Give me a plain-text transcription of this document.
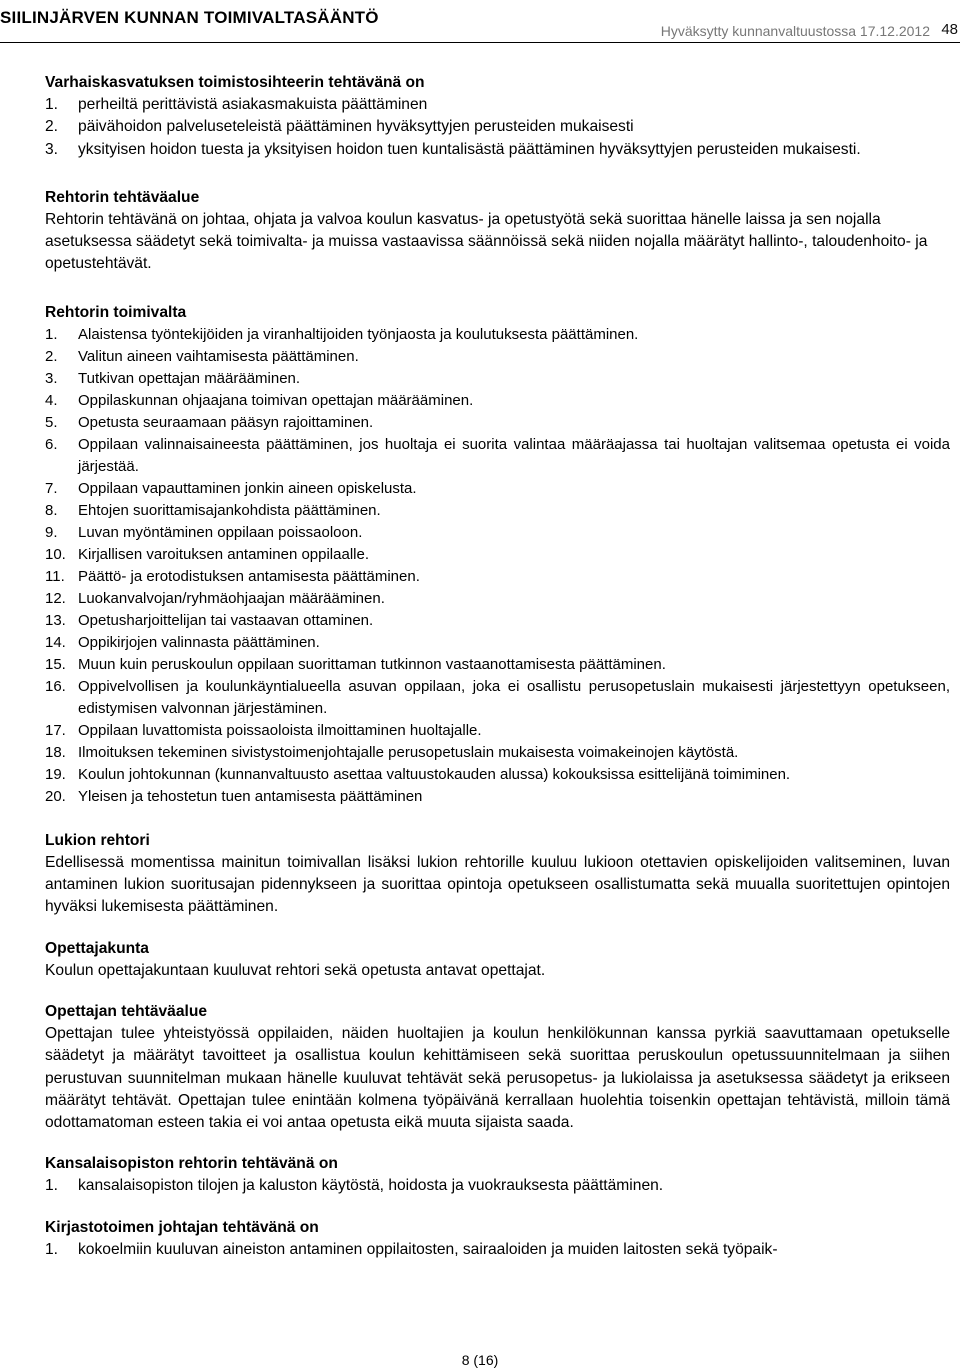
SIILINJÄRVEN KUNNAN TOIMIVALTASÄÄNTÖ
Hyväksytty kunnanvaltuustossa 17.12.2012 48

Varhaiskasvatuksen toimistosihteerin tehtävänä on

1. perheiltä perittävistä asiakasmakuista päättäminen
2. päivähoidon palveluseteleistä päättäminen hyväksyttyjen perusteiden mukaisesti
3. yksityisen hoidon tuesta ja yksityisen hoidon tuen kuntalisästä päättäminen hyväksyttyjen perusteiden mukaisesti.

Rehtorin tehtäväalue

Rehtorin tehtävänä on johtaa, ohjata ja valvoa koulun kasvatus- ja opetustyötä sekä suorittaa hänelle laissa ja sen nojalla asetuksessa säädetyt sekä toimivalta- ja muissa vastaavissa säännöissä sekä niiden nojalla määrätyt hallinto-, taloudenhoito- ja opetustehtävät.

Rehtorin toimivalta

1. Alaistensa työntekijöiden ja viranhaltijoiden työnjaosta ja koulutuksesta päättäminen.
2. Valitun aineen vaihtamisesta päättäminen.
3. Tutkivan opettajan määrääminen.
4. Oppilaskunnan ohjaajana toimivan opettajan määrääminen.
5. Opetusta seuraamaan pääsyn rajoittaminen.
6. Oppilaan valinnaisaineesta päättäminen, jos huoltaja ei suorita valintaa määräajassa tai huoltajan valitsemaa opetusta ei voida järjestää.
7. Oppilaan vapauttaminen jonkin aineen opiskelusta.
8. Ehtojen suorittamisajankohdista päättäminen.
9. Luvan myöntäminen oppilaan poissaoloon.
10. Kirjallisen varoituksen antaminen oppilaalle.
11. Päättö- ja erotodistuksen antamisesta päättäminen.
12. Luokanvalvojan/ryhmäohjaajan määrääminen.
13. Opetusharjoittelijan tai vastaavan ottaminen.
14. Oppikirjojen valinnasta päättäminen.
15. Muun kuin peruskoulun oppilaan suorittaman tutkinnon vastaanottamisesta päättäminen.
16. Oppivelvollisen ja koulunkäyntialueella asuvan oppilaan, joka ei osallistu perusopetuslain mukaisesti järjestettyyn opetukseen, edistymisen valvonnan järjestäminen.
17. Oppilaan luvattomista poissaoloista ilmoittaminen huoltajalle.
18. Ilmoituksen tekeminen sivistystoimenjohtajalle perusopetuslain mukaisesta voimakeinojen käytöstä.
19. Koulun johtokunnan (kunnanvaltuusto asettaa valtuustokauden alussa) kokouksissa esittelijänä toimiminen.
20. Yleisen ja tehostetun tuen antamisesta päättäminen

Lukion rehtori

Edellisessä momentissa mainitun toimivallan lisäksi lukion rehtorille kuuluu lukioon otettavien opiskelijoiden valitseminen, luvan antaminen lukion suoritusajan pidennykseen ja suorittaa opintoja opetukseen osallistumatta sekä muualla suoritettujen opintojen hyväksi lukemisesta päättäminen.

Opettajakunta

Koulun opettajakuntaan kuuluvat rehtori sekä opetusta antavat opettajat.

Opettajan tehtäväalue

Opettajan tulee yhteistyössä oppilaiden, näiden huoltajien ja koulun henkilökunnan kanssa pyrkiä saavuttamaan opetukselle säädetyt ja määrätyt tavoitteet ja osallistua koulun kehittämiseen sekä suorittaa peruskoulun opetussuunnitelmaan ja siihen perustuvan suunnitelman mukaan hänelle kuuluvat tehtävät sekä perusopetus- ja lukiolaissa ja asetuksessa säädetyt ja erikseen määrätyt tehtävät. Opettajan tulee enintään kolmena työpäivänä kerrallaan huolehtia toisenkin opettajan tehtävistä, milloin tämä odottamatoman esteen takia ei voi antaa opetusta eikä muuta sijaista saada.

Kansalaisopiston rehtorin tehtävänä on

1. kansalaisopiston tilojen ja kaluston käytöstä, hoidosta ja vuokrauksesta päättäminen.

Kirjastotoimen johtajan tehtävänä on

1. kokoelmiin kuuluvan aineiston antaminen oppilaitosten, sairaaloiden ja muiden laitosten sekä työpaik-
8 (16)
